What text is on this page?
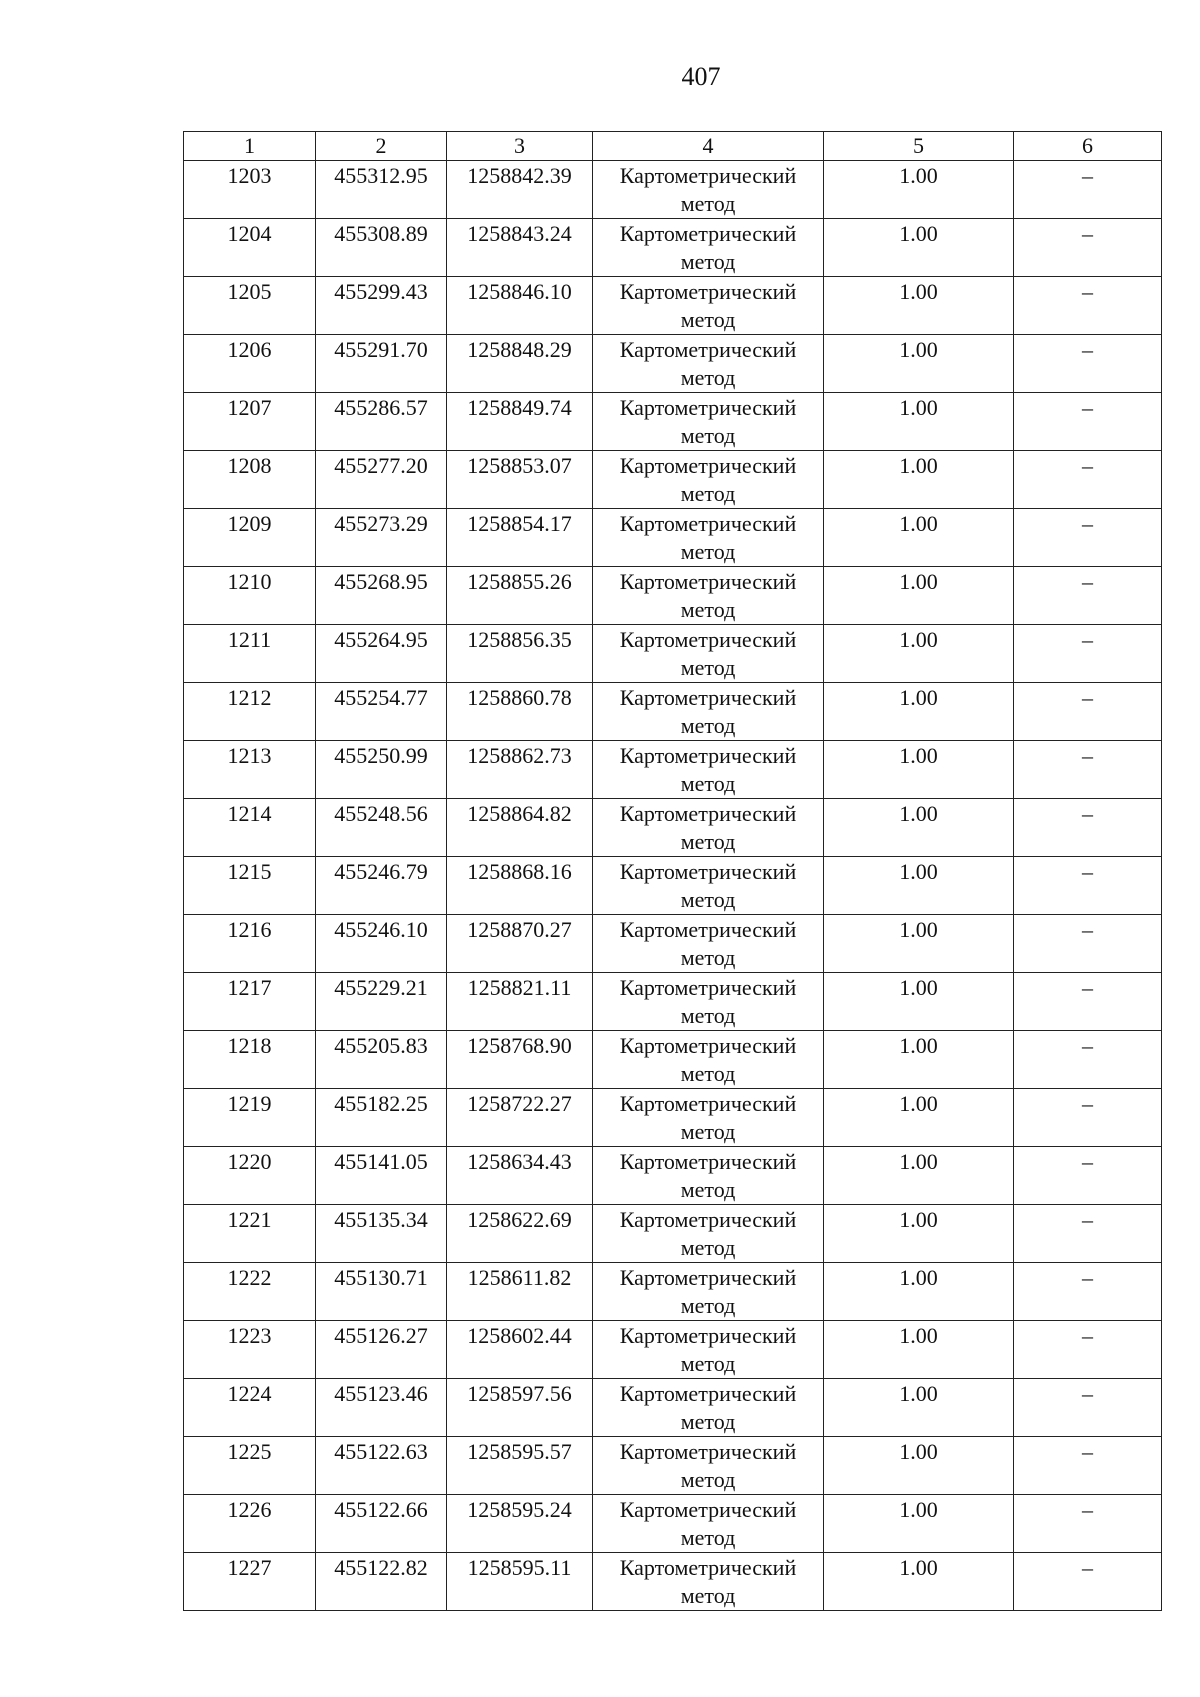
407
1	2	3	4	5	6
1203	455312.95	1258842.39	Картометрический
метод	1.00	–
1204	455308.89	1258843.24	Картометрический
метод	1.00	–
1205	455299.43	1258846.10	Картометрический
метод	1.00	–
1206	455291.70	1258848.29	Картометрический
метод	1.00	–
1207	455286.57	1258849.74	Картометрический
метод	1.00	–
1208	455277.20	1258853.07	Картометрический
метод	1.00	–
1209	455273.29	1258854.17	Картометрический
метод	1.00	–
1210	455268.95	1258855.26	Картометрический
метод	1.00	–
1211	455264.95	1258856.35	Картометрический
метод	1.00	–
1212	455254.77	1258860.78	Картометрический
метод	1.00	–
1213	455250.99	1258862.73	Картометрический
метод	1.00	–
1214	455248.56	1258864.82	Картометрический
метод	1.00	–
1215	455246.79	1258868.16	Картометрический
метод	1.00	–
1216	455246.10	1258870.27	Картометрический
метод	1.00	–
1217	455229.21	1258821.11	Картометрический
метод	1.00	–
1218	455205.83	1258768.90	Картометрический
метод	1.00	–
1219	455182.25	1258722.27	Картометрический
метод	1.00	–
1220	455141.05	1258634.43	Картометрический
метод	1.00	–
1221	455135.34	1258622.69	Картометрический
метод	1.00	–
1222	455130.71	1258611.82	Картометрический
метод	1.00	–
1223	455126.27	1258602.44	Картометрический
метод	1.00	–
1224	455123.46	1258597.56	Картометрический
метод	1.00	–
1225	455122.63	1258595.57	Картометрический
метод	1.00	–
1226	455122.66	1258595.24	Картометрический
метод	1.00	–
1227	455122.82	1258595.11	Картометрический
метод	1.00	–
